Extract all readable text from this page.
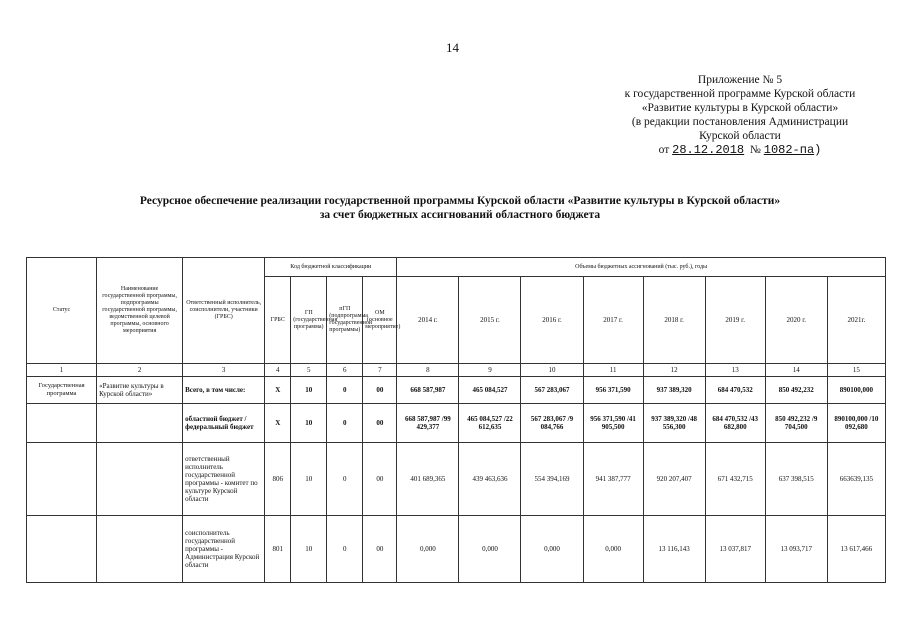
14
Приложение № 5
к государственной программе Курской области
«Развитие культуры в Курской области»
(в редакции постановления Администрации
Курской области
от 28.12.2018 № 1082-па)
Ресурсное обеспечение реализации государственной программы Курской области «Развитие культуры в Курской области»
за счет бюджетных ассигнований областного бюджета
Статус	Наименование государственной программы, подпрограммы государственной программы, ведомственной целевой программы, основного мероприятия	Ответственный исполнитель, соисполнители, участники (ГРБС)	Код бюджетной классификации				Объемы бюджетных ассигнований (тыс. руб.), годы							
			ГРБС	ГП (государственная программа)	пГП (подпрограмма государственной программы)	ОМ (основное мероприятие)	2014 г.	2015 г.	2016 г.	2017 г.	2018 г.	2019 г.	2020 г.	2021г.
1	2	3	4	5	6	7	8	9	10	11	12	13	14	15
Государственная программа	«Развитие культуры в Курской области»	Всего, в том числе:	X	10	0	00	668 587,987	465 084,527	567 283,067	956 371,590	937 389,320	684 470,532	850 492,232	890100,000
		областной бюджет /федеральный бюджет	X	10	0	00	668 587,987 /99 429,377	465 084,527 /22 612,635	567 283,067 /9 084,766	956 371,590 /41 905,500	937 389,320 /48 556,300	684 470,532 /43 682,800	850 492,232 /9 704,500	890100,000 /10 092,680
		ответственный исполнитель государственной программы - комитет по культуре Курской области	806	10	0	00	401 689,365	439 463,636	554 394,169	941 387,777	920 207,407	671 432,715	637 398,515	663639,135
		соисполнитель государственной программы - Администрация Курской области	801	10	0	00	0,000	0,000	0,000	0,000	13 116,143	13 037,817	13 093,717	13 617,466
